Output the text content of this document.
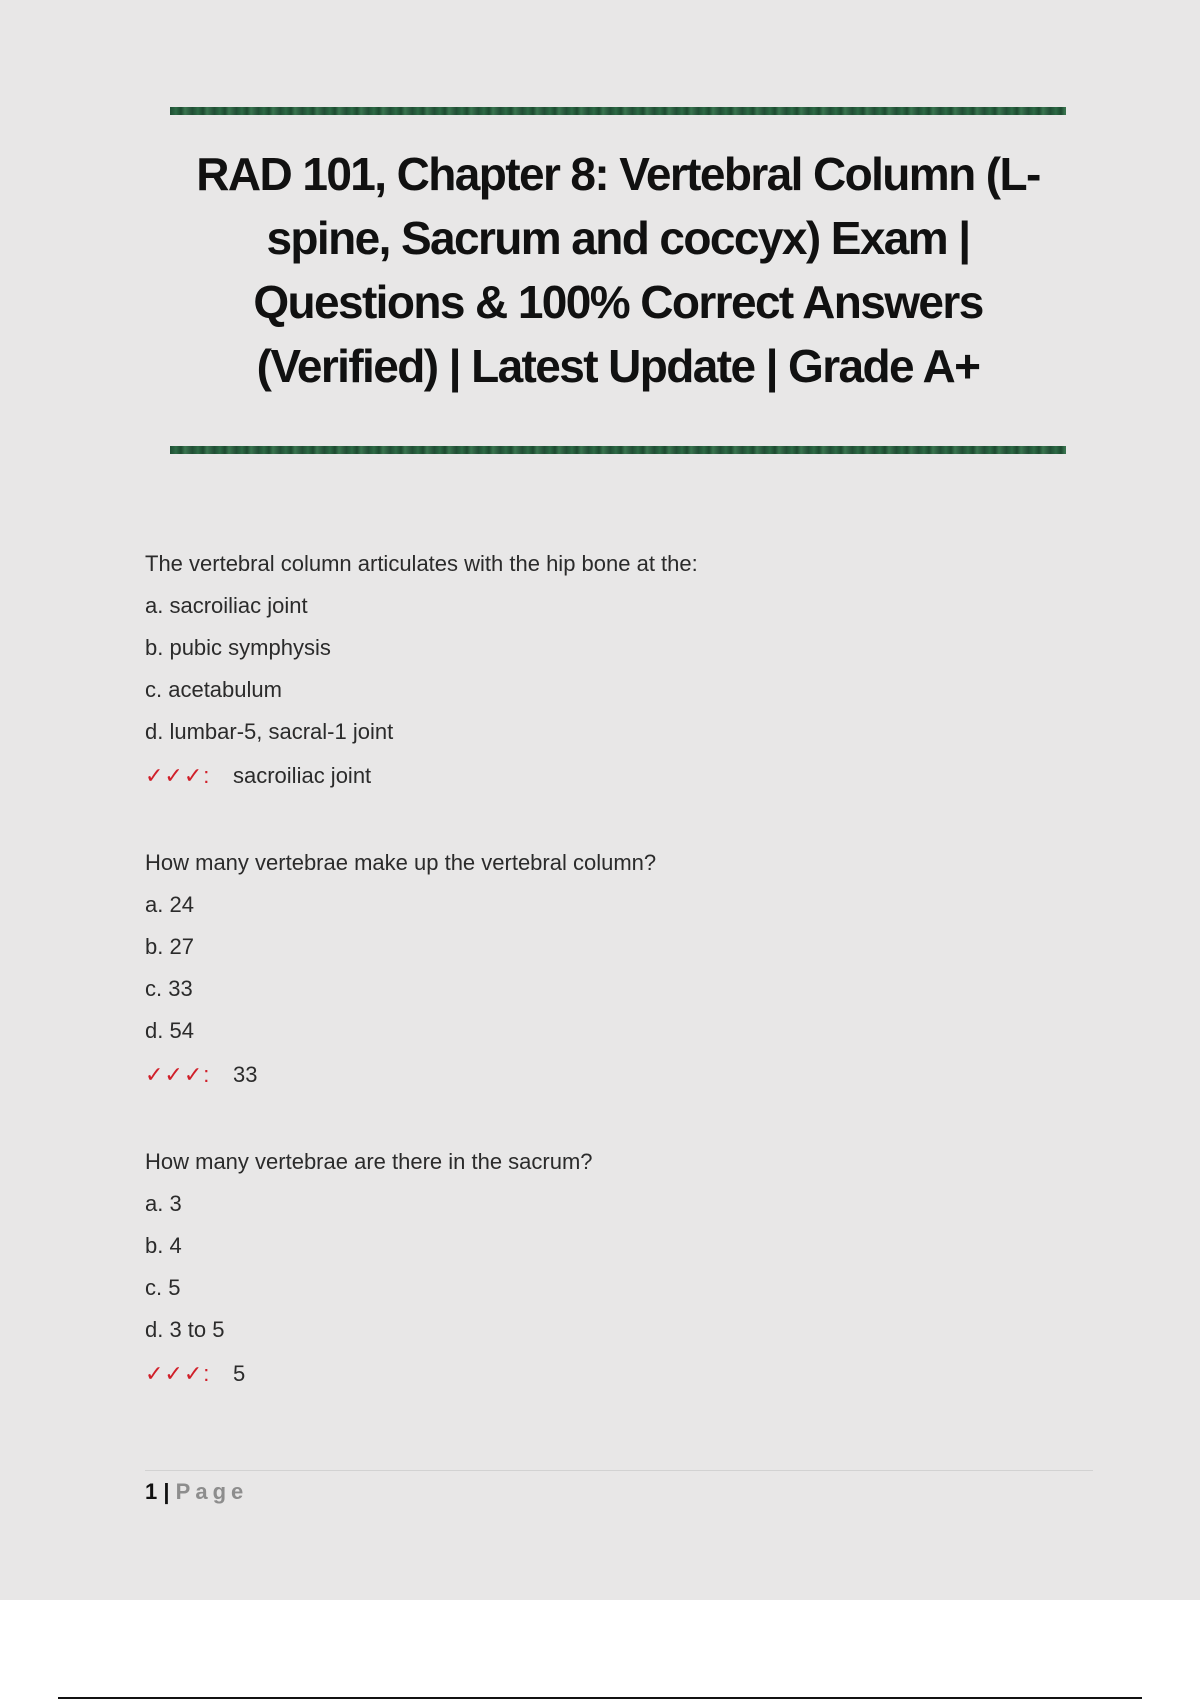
RAD 101, Chapter 8: Vertebral Column (L-
spine, Sacrum and coccyx) Exam |
Questions & 100% Correct Answers
(Verified) | Latest Update | Grade A+
The vertebral column articulates with the hip bone at the:
a. sacroiliac joint
b. pubic symphysis
c. acetabulum
d. lumbar-5, sacral-1 joint
✓✓✓: sacroiliac joint
How many vertebrae make up the vertebral column?
a. 24
b. 27
c. 33
d. 54
✓✓✓: 33
How many vertebrae are there in the sacrum?
a. 3
b. 4
c. 5
d. 3 to 5
✓✓✓: 5
1 | Page
